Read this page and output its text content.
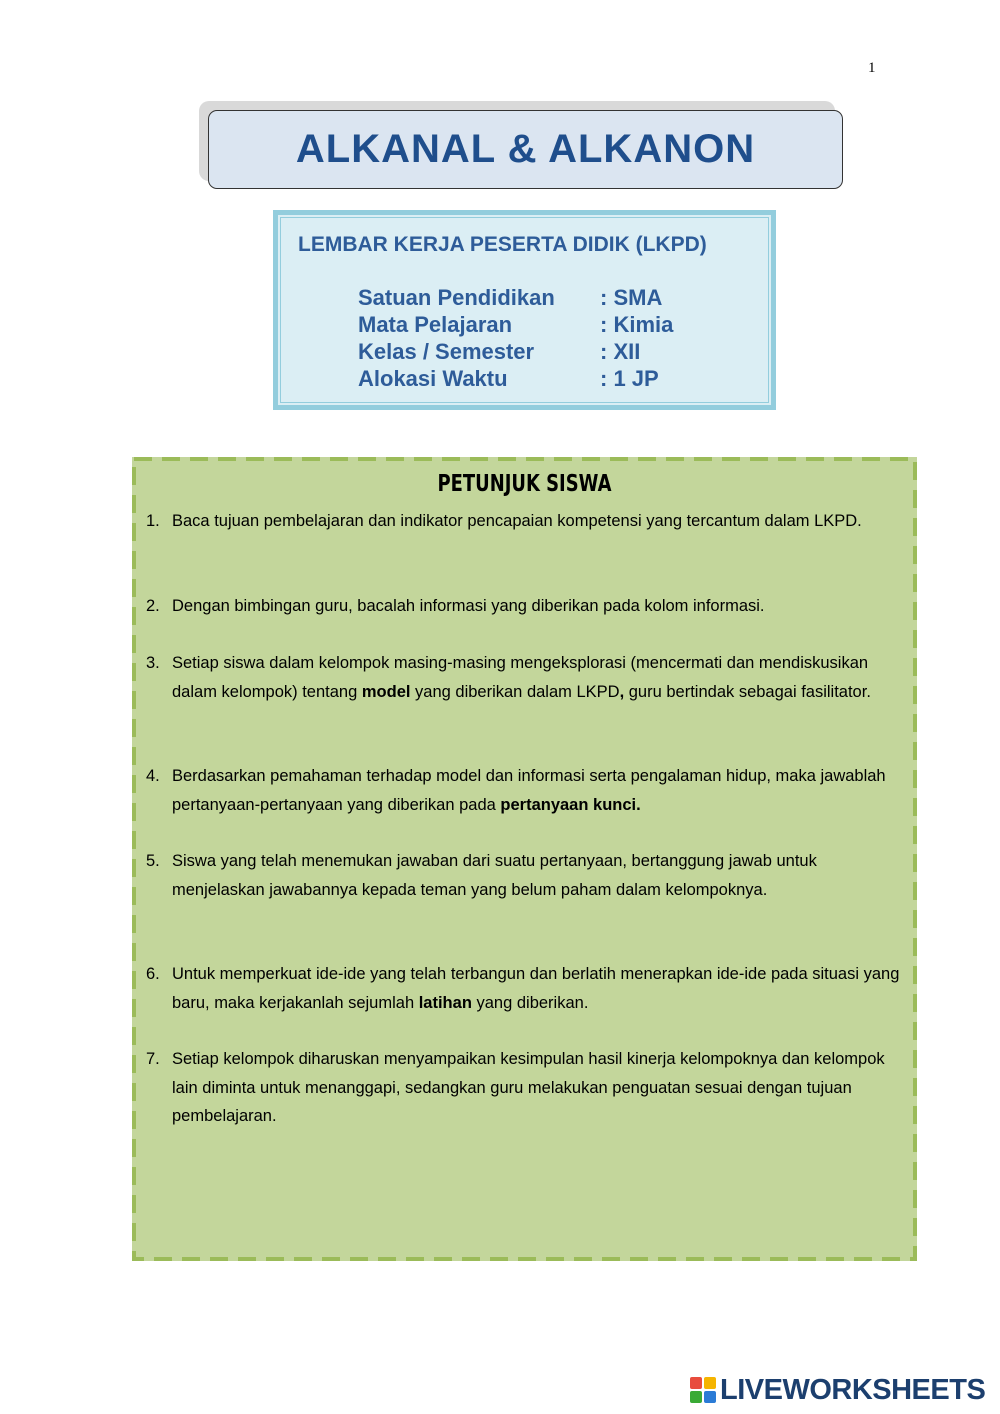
1
ALKANAL & ALKANON
LEMBAR KERJA PESERTA DIDIK (LKPD)
Satuan Pendidikan : SMA
Mata Pelajaran	: Kimia
Kelas / Semester	: XII
Alokasi Waktu	: 1 JP
PETUNJUK SISWA
1. Baca tujuan pembelajaran dan indikator pencapaian kompetensi yang tercantum dalam LKPD.
2. Dengan bimbingan guru, bacalah informasi yang diberikan pada kolom informasi.
3. Setiap siswa dalam kelompok masing-masing mengeksplorasi (mencermati dan mendiskusikan dalam kelompok) tentang model yang diberikan dalam LKPD, guru bertindak sebagai fasilitator.
4. Berdasarkan pemahaman terhadap model dan informasi serta pengalaman hidup, maka jawablah pertanyaan-pertanyaan yang diberikan pada pertanyaan kunci.
5. Siswa yang telah menemukan jawaban dari suatu pertanyaan, bertanggung jawab untuk menjelaskan jawabannya kepada teman yang belum paham dalam kelompoknya.
6. Untuk memperkuat ide-ide yang telah terbangun dan berlatih menerapkan ide-ide pada situasi yang baru, maka kerjakanlah sejumlah latihan yang diberikan.
7. Setiap kelompok diharuskan menyampaikan kesimpulan hasil kinerja kelompoknya dan kelompok lain diminta untuk menanggapi, sedangkan guru melakukan penguatan sesuai dengan tujuan pembelajaran.
LIVEWORKSHEETS
